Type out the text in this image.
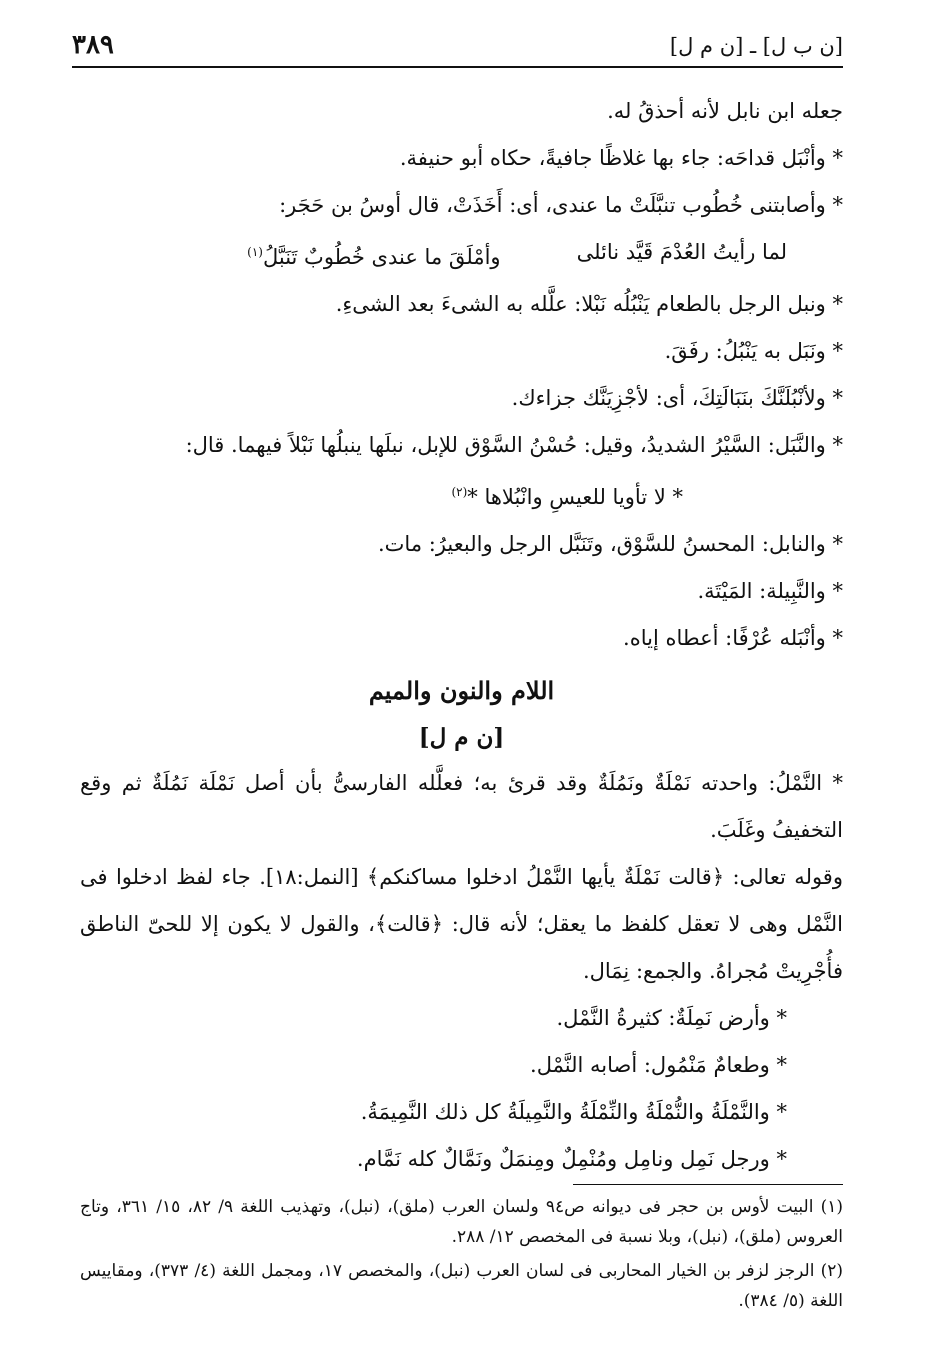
[ن ب ل] ـ [ن م ل]
٣٨٩
جعله ابن نابل لأنه أحذقُ له.
* وأنْبَل قداحَه: جاء بها غلاظًا جافيةً، حكاه أبو حنيفة.
* وأصابتنى خُطُوب تنبَّلَتْ ما عندى، أى: أَخَذَتْ، قال أوسُ بن حَجَر:
لما رأيتُ العُدْمَ قَيَّد نائلى
وأمْلَقَ ما عندى خُطُوبٌ تَنَبَّلُ$^{(١)}$
* ونبل الرجل بالطعام يَنْبُلُه نَبْلا: علَّله به الشىءَ بعد الشىءِ.
* ونَبَل به يَنْبُلُ: رفَقَ.
* ولأنْبُلَنَّكَ بنَبَالَتِكَ، أى: لأجْزِيَنَّك جزاءك.
* والنَّبَل: السَّيْرُ الشديدُ، وقيل: حُسْنُ السَّوْق للإبل، نبلَها ينبلُها نَبْلاً فيهما. قال:
* لا تأويا للعيسِ وانْبُلاها *$^{(٢)}$
* والنابل: المحسنُ للسَّوْق، وتَنَبَّل الرجل والبعيرُ: مات.
* والنَّبِيلة: المَيْتَة.
* وأنْبَله عُرْفًا: أعطاه إياه.
اللام والنون والميم
[ن م ل]
* النَّمْلُ: واحدته نَمْلَةٌ ونَمُلَةٌ وقد قرئ به؛ فعلَّله الفارسىُّ بأن أصل نَمْلَة نَمُلَةٌ ثم وقع التخفيفُ وغَلَبَ.
وقوله تعالى: ﴿قالت نَمْلَةٌ يأيها النَّمْلُ ادخلوا مساكنكم﴾ [النمل:١٨]. جاء لفظ ادخلوا فى النَّمْل وهى لا تعقل كلفظ ما يعقل؛ لأنه قال: ﴿قالت﴾، والقول لا يكون إلا للحىّ الناطق فأُجْرِيتْ مُجراهُ. والجمع: نِمَال.
* وأرض نَمِلَةٌ: كثيرةُ النَّمْل.
* وطعامٌ مَنْمُول: أصابه النَّمْل.
* والنَّمْلَةُ والنُّمْلَةُ والنِّمْلَةُ والنَّمِيلَةُ كل ذلك النَّمِيمَةُ.
* ورجل نَمِل ونامِل ومُنْمِلٌ ومِنمَلٌ ونَمَّالٌ كله نَمَّام.
(١) البيت لأوس بن حجر فى ديوانه ص٩٤ ولسان العرب (ملق)، (نبل)، وتهذيب اللغة ٩/ ٨٢، ١٥/ ٣٦١، وتاج العروس (ملق)، (نبل)، وبلا نسبة فى المخصص ١٢/ ٢٨٨.
(٢) الرجز لزفر بن الخيار المحاربى فى لسان العرب (نبل)، والمخصص ١٧، ومجمل اللغة (٤/ ٣٧٣)، ومقاييس اللغة (٥/ ٣٨٤).
